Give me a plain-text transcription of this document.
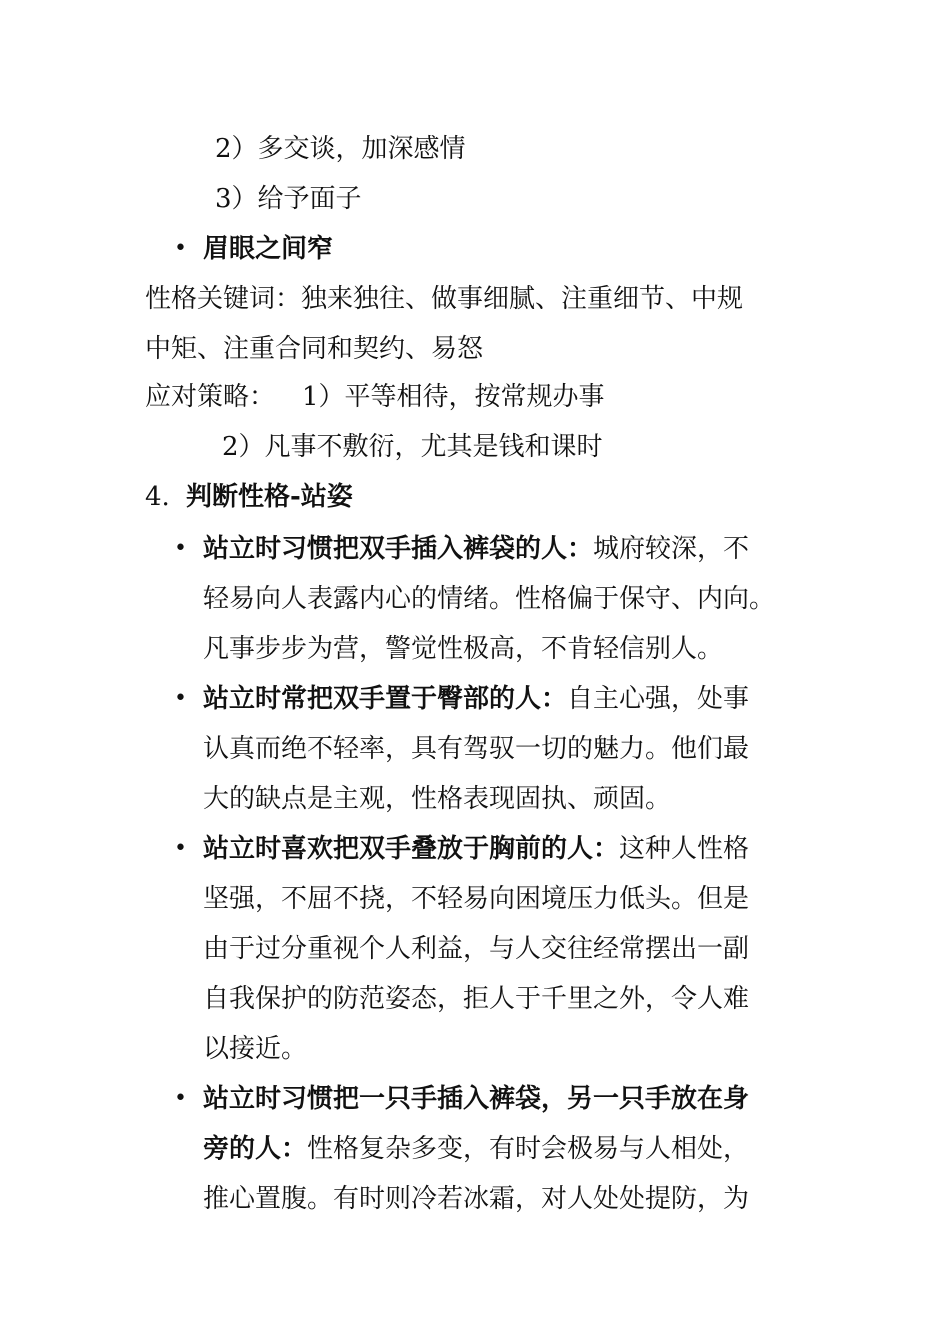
2）多交谈，加深感情
3）给予面子
• 眉眼之间窄
性格关键词：独来独往、做事细腻、注重细节、中规
中矩、注重合同和契约、易怒
应对策略： 1）平等相待，按常规办事
2）凡事不敷衍，尤其是钱和课时
4. 判断性格-站姿
• 站立时习惯把双手插入裤袋的人：城府较深，不
轻易向人表露内心的情绪。性格偏于保守、内向。
凡事步步为营，警觉性极高，不肯轻信别人。
• 站立时常把双手置于臀部的人：自主心强，处事
认真而绝不轻率，具有驾驭一切的魅力。他们最
大的缺点是主观，性格表现固执、顽固。
• 站立时喜欢把双手叠放于胸前的人：这种人性格
坚强，不屈不挠，不轻易向困境压力低头。但是
由于过分重视个人利益，与人交往经常摆出一副
自我保护的防范姿态，拒人于千里之外，令人难
以接近。
• 站立时习惯把一只手插入裤袋，另一只手放在身
旁的人：性格复杂多变，有时会极易与人相处，
推心置腹。有时则冷若冰霜，对人处处提防，为
